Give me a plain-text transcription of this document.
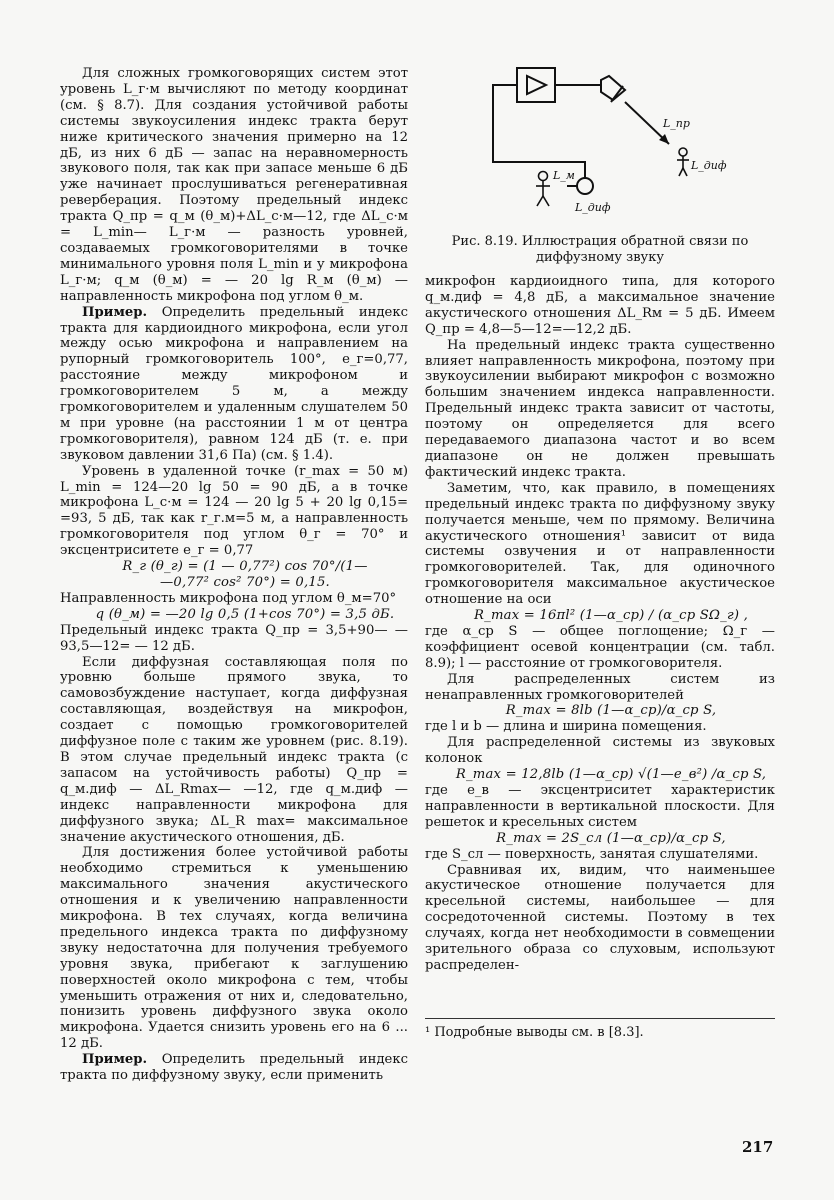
Для сложных громкоговорящих систем этот уровень L_г·м вычисляют по методу координат (см. § 8.7). Для создания устойчивой работы системы звукоусиления индекс тракта берут ниже критического значения примерно на 12 дБ, из них 6 дБ — запас на неравномерность звукового поля, так как при запасе меньше 6 дБ уже начинает прослушиваться регенеративная реверберация. Поэтому предельный индекс тракта Q_пр = q_м (θ_м)+ΔL_с·м—12, где ΔL_с·м = L_min— L_г·м — разность уровней, создаваемых громкоговорителями в точке минимального уровня поля L_min и у микрофона L_г·м; q_м (θ_м) = — 20 lg R_м (θ_м) — направленность микрофона под углом θ_м.

Пример. Определить предельный индекс тракта для кардиоидного микрофона, если угол между осью микрофона и направлением на рупорный громкоговоритель 100°, e_г=0,77, расстояние между микрофоном и громкоговорителем 5 м, а между громкоговорителем и удаленным слушателем 50 м при уровне (на расстоянии 1 м от центра громкоговорителя), равном 124 дБ (т. е. при звуковом давлении 31,6 Па) (см. § 1.4).

Уровень в удаленной точке (r_max = 50 м) L_min = 124—20 lg 50 = 90 дБ, а в точке микрофона L_с·м = 124 — 20 lg 5 + 20 lg 0,15= =93, 5 дБ, так как r_г.м=5 м, а направленность громкоговорителя под углом θ_г = 70° и эксцентриситете e_г = 0,77

R_г (θ_г) = (1 — 0,77²) cos 70°/(1—

—0,77² cos² 70°) = 0,15.

Направленность микрофона под углом θ_м=70°

q (θ_м) = —20 lg 0,5 (1+cos 70°) = 3,5 дБ.

Предельный индекс тракта Q_пр = 3,5+90— —93,5—12= — 12 дБ.

Если диффузная составляющая поля по уровню больше прямого звука, то самовозбуждение наступает, когда диффузная составляющая, воздействуя на микрофон, создает с помощью громкоговорителей диффузное поле с таким же уровнем (рис. 8.19). В этом случае предельный индекс тракта (с запасом на устойчивость работы) Q_пр = q_м.диф — ΔL_Rmax— —12, где q_м.диф — индекс направленности микрофона для диффузного звука; ΔL_R max= максимальное значение акустического отношения, дБ.

Для достижения более устойчивой работы необходимо стремиться к уменьшению максимального значения акустического отношения и к увеличению направленности микрофона. В тех случаях, когда величина предельного индекса тракта по диффузному звуку недостаточна для получения требуемого уровня звука, прибегают к заглушению поверхностей около микрофона с тем, чтобы уменьшить отражения от них и, следовательно, понизить уровень диффузного звука около микрофона. Удается снизить уровень его на 6 ... 12 дБ.

Пример. Определить предельный индекс тракта по диффузному звуку, если применить

L_пр
L_диф
L_м
L_диф
Рис. 8.19. Иллюстрация обратной связи по
диффузному звуку

микрофон кардиоидного типа, для которого q_м.диф = 4,8 дБ, а максимальное значение акустического отношения ΔL_Rм = 5 дБ. Имеем Q_пр = 4,8—5—12=—12,2 дБ.

На предельный индекс тракта существенно влияет направленность микрофона, поэтому при звукоусилении выбирают микрофон с возможно большим значением индекса направленности. Предельный индекс тракта зависит от частоты, поэтому он определяется для всего передаваемого диапазона частот и во всем диапазоне он не должен превышать фактический индекс тракта.

Заметим, что, как правило, в помещениях предельный индекс тракта по диффузному звуку получается меньше, чем по прямому. Величина акустического отношения¹ зависит от вида системы озвучения и от направленности громкоговорителей. Так, для одиночного громкоговорителя максимальное акустическое отношение на оси

R_max = 16πl² (1—α_ср) / (α_ср SΩ_г) ,

где α_ср S — общее поглощение; Ω_г — коэффициент осевой концентрации (см. табл. 8.9); l — расстояние от громкоговорителя.

Для распределенных систем из ненаправленных громкоговорителей

R_max = 8lb (1—α_ср)/α_ср S,

где l и b — длина и ширина помещения.

Для распределенной системы из звуковых колонок

R_max = 12,8lb (1—α_ср) √(1—e_в²) /α_ср S,

где e_в — эксцентриситет характеристик направленности в вертикальной плоскости. Для решеток и кресельных систем

R_max = 2S_сл (1—α_ср)/α_ср S,

где S_сл — поверхность, занятая слушателями.

Сравнивая их, видим, что наименьшее акустическое отношение получается для кресельной системы, наибольшее — для сосредоточенной системы. Поэтому в тех случаях, когда нет необходимости в совмещении зрительного образа со слуховым, используют распределен-

¹ Подробные выводы см. в [8.3].
217
